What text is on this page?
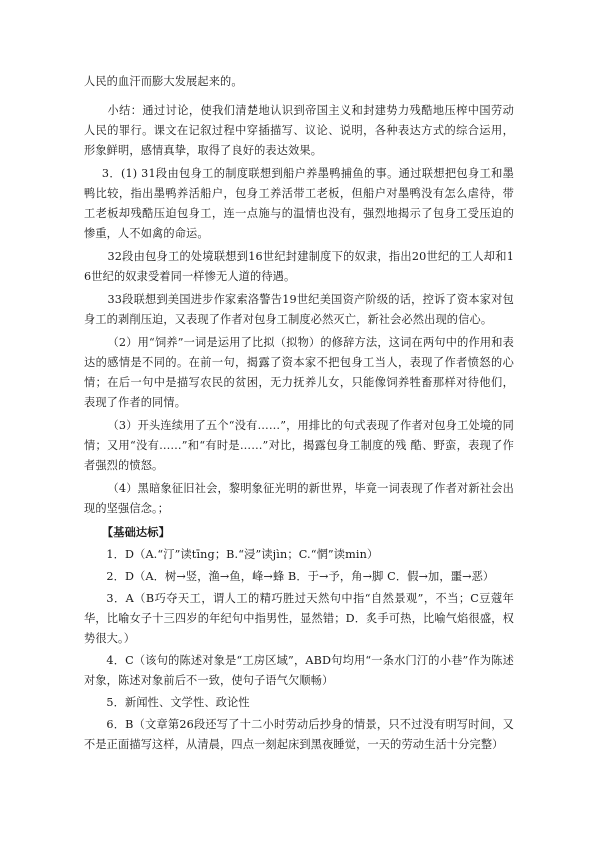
人民的血汗而膨大发展起来的。

小结：通过讨论，使我们清楚地认识到帝国主义和封建势力残酷地压榨中国劳动人民的罪行。课文在记叙过程中穿插描写、议论、说明，各种表达方式的综合运用，形象鲜明，感情真挚，取得了良好的表达效果。

3．(1) 31段由包身工的制度联想到船户养墨鸭捕鱼的事。通过联想把包身工和墨鸭比较，指出墨鸭养活船户，包身工养活带工老板，但船户对墨鸭没有怎么虐待，带工老板却残酷压迫包身工，连一点施与的温情也没有，强烈地揭示了包身工受压迫的惨重，人不如禽的命运。

32段由包身工的处境联想到16世纪封建制度下的奴隶，指出20世纪的工人却和16世纪的奴隶受着同一样惨无人道的待遇。

33段联想到美国进步作家索洛警告19世纪美国资产阶级的话，控诉了资本家对包身工的剥削压迫，又表现了作者对包身工制度必然灭亡，新社会必然出现的信心。

（2）用“饲养”一词是运用了比拟（拟物）的修辞方法，这词在两句中的作用和表达的感情是不同的。在前一句，揭露了资本家不把包身工当人，表现了作者愤怒的心情；在后一句中是描写农民的贫困，无力抚养儿女，只能像饲养牲畜那样对待他们，表现了作者的同情。

（3）开头连续用了五个“没有……”，用排比的句式表现了作者对包身工处境的同情；又用“没有……”和“有时是……”对比，揭露包身工制度的残 酷、野蛮，表现了作者强烈的愤怒。

（4）黑暗象征旧社会，黎明象征光明的新世界，毕竟一词表现了作者对新社会出现的坚强信念。；

【基础达标】

1．D（A.“汀”读tīng；B.“浸”读jìn；C.“惘”读min）

2．D（A．树→竖，渔→鱼，峰→蜂 B．于→予，角→脚 C．假→加，噩→恶）

3．A（B巧夺天工，谓人工的精巧胜过天然句中指“自然景观”，不当；C豆蔻年华，比喻女子十三四岁的年纪句中指男性，显然错；D．炙手可热，比喻气焰很盛，权势很大。）

4．C（该句的陈述对象是“工房区域”，ABD句均用“一条水门汀的小巷”作为陈述对象，陈述对象前后不一致，使句子语气欠顺畅）

5．新闻性、文学性、政论性

6．B（文章第26段还写了十二小时劳动后抄身的情景，只不过没有明写时间，又不是正面描写这样，从清晨，四点一刻起床到黑夜睡觉，一天的劳动生活十分完整）
